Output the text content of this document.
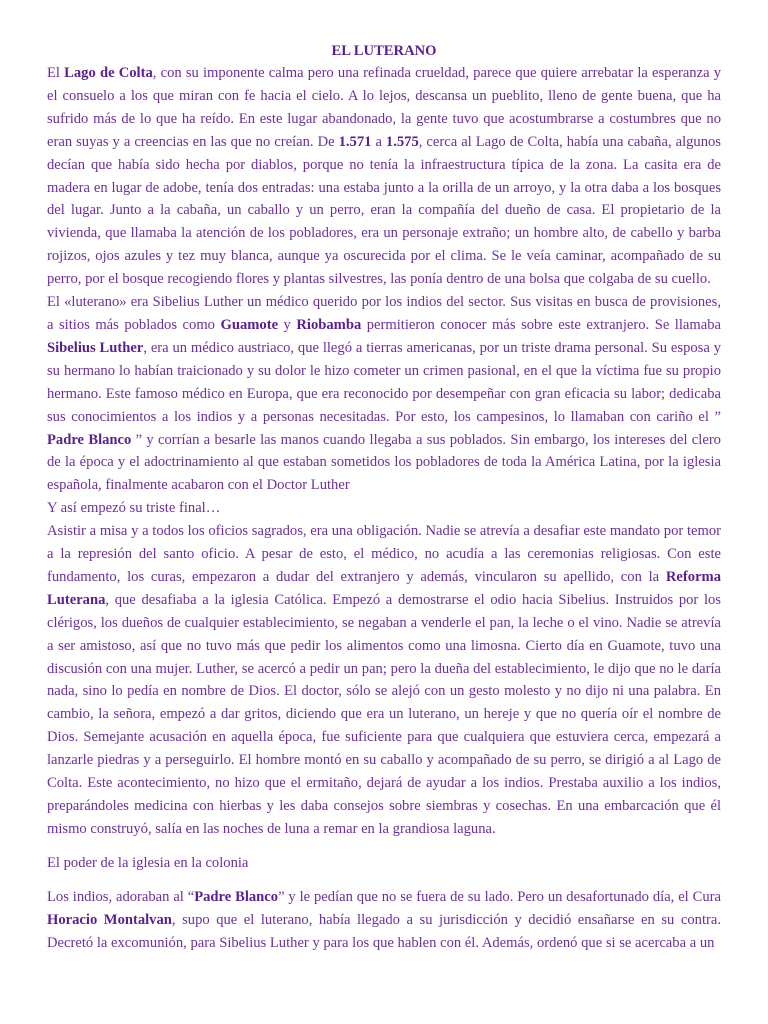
EL LUTERANO

El Lago de Colta, con su imponente calma pero una refinada crueldad, parece que quiere arrebatar la esperanza y el consuelo a los que miran con fe hacia el cielo. A lo lejos, descansa un pueblito, lleno de gente buena, que ha sufrido más de lo que ha reído. En este lugar abandonado, la gente tuvo que acostumbrarse a costumbres que no eran suyas y a creencias en las que no creían. De 1.571 a 1.575, cerca al Lago de Colta, había una cabaña, algunos decían que había sido hecha por diablos, porque no tenía la infraestructura típica de la zona. La casita era de madera en lugar de adobe, tenía dos entradas: una estaba junto a la orilla de un arroyo, y la otra daba a los bosques del lugar. Junto a la cabaña, un caballo y un perro, eran la compañía del dueño de casa. El propietario de la vivienda, que llamaba la atención de los pobladores, era un personaje extraño; un hombre alto, de cabello y barba rojizos, ojos azules y tez muy blanca, aunque ya oscurecida por el clima. Se le veía caminar, acompañado de su perro, por el bosque recogiendo flores y plantas silvestres, las ponía dentro de una bolsa que colgaba de su cuello.

El «luterano» era Sibelius Luther un médico querido por los indios del sector. Sus visitas en busca de provisiones, a sitios más poblados como Guamote y Riobamba permitieron conocer más sobre este extranjero. Se llamaba Sibelius Luther, era un médico austriaco, que llegó a tierras americanas, por un triste drama personal. Su esposa y su hermano lo habían traicionado y su dolor le hizo cometer un crimen pasional, en el que la víctima fue su propio hermano. Este famoso médico en Europa, que era reconocido por desempeñar con gran eficacia su labor; dedicaba sus conocimientos a los indios y a personas necesitadas. Por esto, los campesinos, lo llamaban con cariño el ” Padre Blanco ” y corrían a besarle las manos cuando llegaba a sus poblados. Sin embargo, los intereses del clero de la época y el adoctrinamiento al que estaban sometidos los pobladores de toda la América Latina, por la iglesia española, finalmente acabaron con el Doctor Luther

Y así empezó su triste final…

Asistir a misa y a todos los oficios sagrados, era una obligación. Nadie se atrevía a desafiar este mandato por temor a la represión del santo oficio. A pesar de esto, el médico, no acudía a las ceremonias religiosas. Con este fundamento, los curas, empezaron a dudar del extranjero y además, vincularon su apellido, con la Reforma Luterana, que desafiaba a la iglesia Católica. Empezó a demostrarse el odio hacia Sibelius. Instruidos por los clérigos, los dueños de cualquier establecimiento, se negaban a venderle el pan, la leche o el vino. Nadie se atrevía a ser amistoso, así que no tuvo más que pedir los alimentos como una limosna. Cierto día en Guamote, tuvo una discusión con una mujer. Luther, se acercó a pedir un pan; pero la dueña del establecimiento, le dijo que no le daría nada, sino lo pedía en nombre de Dios. El doctor, sólo se alejó con un gesto molesto y no dijo ni una palabra. En cambio, la señora, empezó a dar gritos, diciendo que era un luterano, un hereje y que no quería oír el nombre de Dios. Semejante acusación en aquella época, fue suficiente para que cualquiera que estuviera cerca, empezará a lanzarle piedras y a perseguirlo. El hombre montó en su caballo y acompañado de su perro, se dirigió a al Lago de Colta. Este acontecimiento, no hizo que el ermitaño, dejará de ayudar a los indios. Prestaba auxilio a los indios, preparándoles medicina con hierbas y les daba consejos sobre siembras y cosechas. En una embarcación que él mismo construyó, salía en las noches de luna a remar en la grandiosa laguna.

El poder de la iglesia en la colonia

Los indios, adoraban al “Padre Blanco” y le pedían que no se fuera de su lado. Pero un desafortunado día, el Cura Horacio Montalvan, supo que el luterano, había llegado a su jurisdicción y decidió ensañarse en su contra. Decretó la excomunión, para Sibelius Luther y para los que hablen con él. Además, ordenó que si se acercaba a un
